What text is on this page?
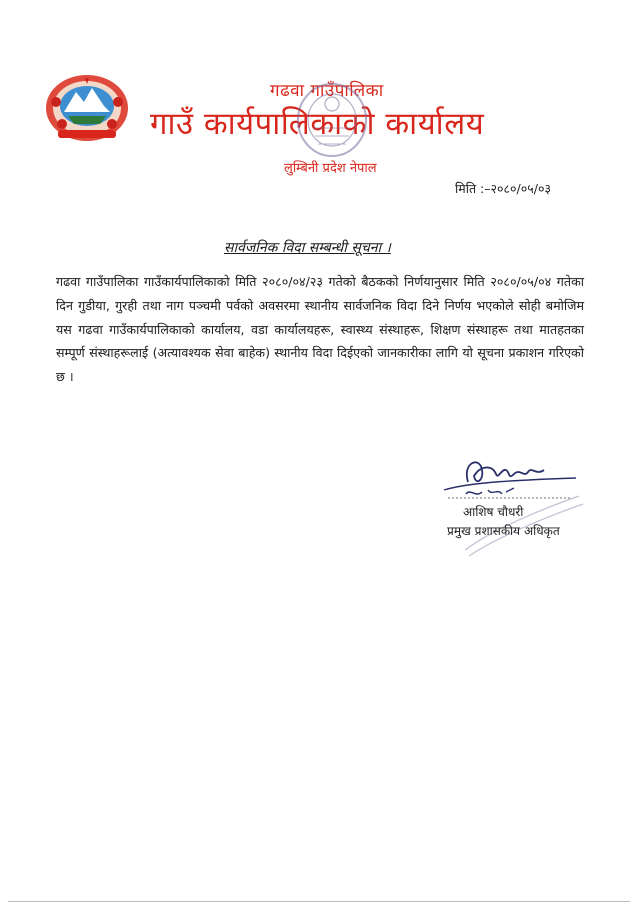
गढवा गाउँपालिका
गाउँ कार्यपालिकाको कार्यालय
लुम्बिनी प्रदेश नेपाल
मिति :–२०८०/०५/०३
सार्वजनिक विदा सम्बन्धी सूचना ।

गढवा गाउँपालिका गाउँकार्यपालिकाको मिति २०८०/०४/२३ गतेको बैठकको निर्णयानुसार मिति २०८०/०५/०४ गतेका दिन गुडीया, गुरही तथा नाग पञ्चमी पर्वको अवसरमा स्थानीय सार्वजनिक विदा दिने निर्णय भएकोले सोही बमोजिम यस गढवा गाउँकार्यपालिकाको कार्यालय, वडा कार्यालयहरू, स्वास्थ्य संस्थाहरू, शिक्षण संस्थाहरू तथा मातहतका सम्पूर्ण संस्थाहरूलाई (अत्यावश्यक सेवा बाहेक) स्थानीय विदा दिईएको जानकारीका लागि यो सूचना प्रकाशन गरिएको छ ।

आशिष चौधरी
प्रमुख प्रशासकीय अधिकृत
